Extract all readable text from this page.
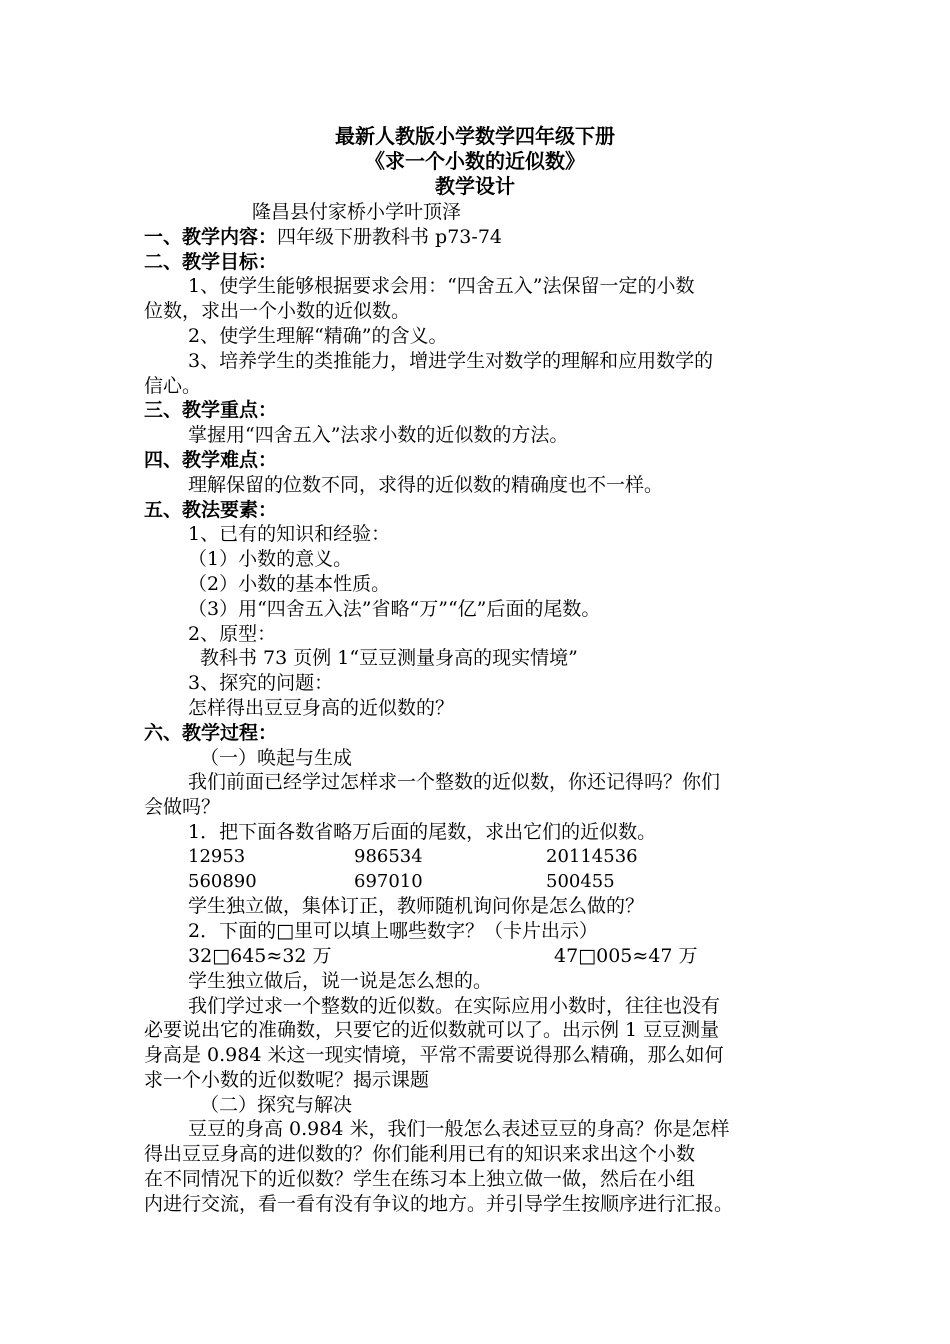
最新人教版小学数学四年级下册
《求一个小数的近似数》
教学设计
隆昌县付家桥小学叶顶泽
一、教学内容：四年级下册教科书 p73-74
二、教学目标：
1、使学生能够根据要求会用：“四舍五入”法保留一定的小数
位数，求出一个小数的近似数。
2、使学生理解“精确”的含义。
3、培养学生的类推能力，增进学生对数学的理解和应用数学的
信心。
三、教学重点：
掌握用“四舍五入”法求小数的近似数的方法。
四、教学难点：
理解保留的位数不同，求得的近似数的精确度也不一样。
五、教法要素：
1、已有的知识和经验：
（1）小数的意义。
（2）小数的基本性质。
（3）用“四舍五入法”省略“万”“亿”后面的尾数。
2、原型：
教科书 73 页例 1“豆豆测量身高的现实情境”
3、探究的问题：
怎样得出豆豆身高的近似数的？
六、教学过程：
（一）唤起与生成
我们前面已经学过怎样求一个整数的近似数，你还记得吗？你们
会做吗？
1．把下面各数省略万后面的尾数，求出它们的近似数。
12953	986534	20114536
560890	697010	500455
学生独立做，集体订正，教师随机询问你是怎么做的？
2．下面的□里可以填上哪些数字？（卡片出示）
32□645≈32 万	47□005≈47 万
学生独立做后，说一说是怎么想的。
我们学过求一个整数的近似数。在实际应用小数时，往往也没有
必要说出它的准确数，只要它的近似数就可以了。出示例 1 豆豆测量
身高是 0.984 米这一现实情境，平常不需要说得那么精确，那么如何
求一个小数的近似数呢？揭示课题
（二）探究与解决
豆豆的身高 0.984 米，我们一般怎么表述豆豆的身高？你是怎样
得出豆豆身高的进似数的？你们能利用已有的知识来求出这个小数
在不同情况下的近似数？学生在练习本上独立做一做，然后在小组
内进行交流，看一看有没有争议的地方。并引导学生按顺序进行汇报。
